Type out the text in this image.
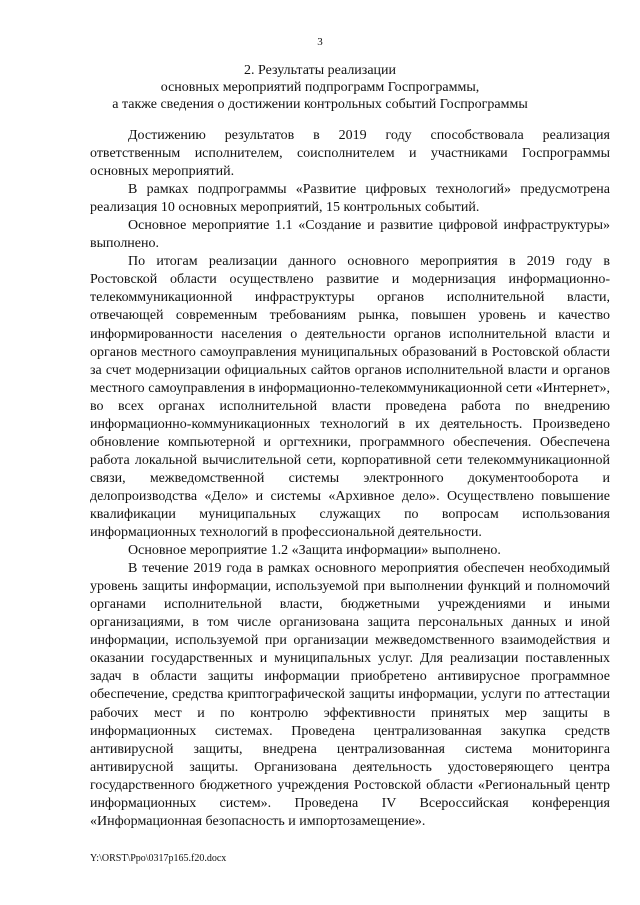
3
2. Результаты реализации
основных мероприятий подпрограмм Госпрограммы,
а также сведения о достижении контрольных событий Госпрограммы

Достижению результатов в 2019 году способствовала реализация ответственным исполнителем, соисполнителем и участниками Госпрограммы основных мероприятий.

В рамках подпрограммы «Развитие цифровых технологий» предусмотрена реализация 10 основных мероприятий, 15 контрольных событий.

Основное мероприятие 1.1 «Создание и развитие цифровой инфраструктуры» выполнено.

По итогам реализации данного основного мероприятия в 2019 году в Ростовской области осуществлено развитие и модернизация информационно-телекоммуникационной инфраструктуры органов исполнительной власти, отвечающей современным требованиям рынка, повышен уровень и качество информированности населения о деятельности органов исполнительной власти и органов местного самоуправления муниципальных образований в Ростовской области за счет модернизации официальных сайтов органов исполнительной власти и органов местного самоуправления в информационно-телекоммуникационной сети «Интернет», во всех органах исполнительной власти проведена работа по внедрению информационно-коммуникационных технологий в их деятельность. Произведено обновление компьютерной и оргтехники, программного обеспечения. Обеспечена работа локальной вычислительной сети, корпоративной сети телекоммуникационной связи, межведомственной системы электронного документооборота и делопроизводства «Дело» и системы «Архивное дело». Осуществлено повышение квалификации муниципальных служащих по вопросам использования информационных технологий в профессиональной деятельности.

Основное мероприятие 1.2 «Защита информации» выполнено.

В течение 2019 года в рамках основного мероприятия обеспечен необходимый уровень защиты информации, используемой при выполнении функций и полномочий органами исполнительной власти, бюджетными учреждениями и иными организациями, в том числе организована защита персональных данных и иной информации, используемой при организации межведомственного взаимодействия и оказании государственных и муниципальных услуг. Для реализации поставленных задач в области защиты информации приобретено антивирусное программное обеспечение, средства криптографической защиты информации, услуги по аттестации рабочих мест и по контролю эффективности принятых мер защиты в информационных системах. Проведена централизованная закупка средств антивирусной защиты, внедрена централизованная система мониторинга антивирусной защиты. Организована деятельность удостоверяющего центра государственного бюджетного учреждения Ростовской области «Региональный центр информационных систем». Проведена IV Всероссийская конференция «Информационная безопасность и импортозамещение».

Y:\ORST\Ppo\0317p165.f20.docx
